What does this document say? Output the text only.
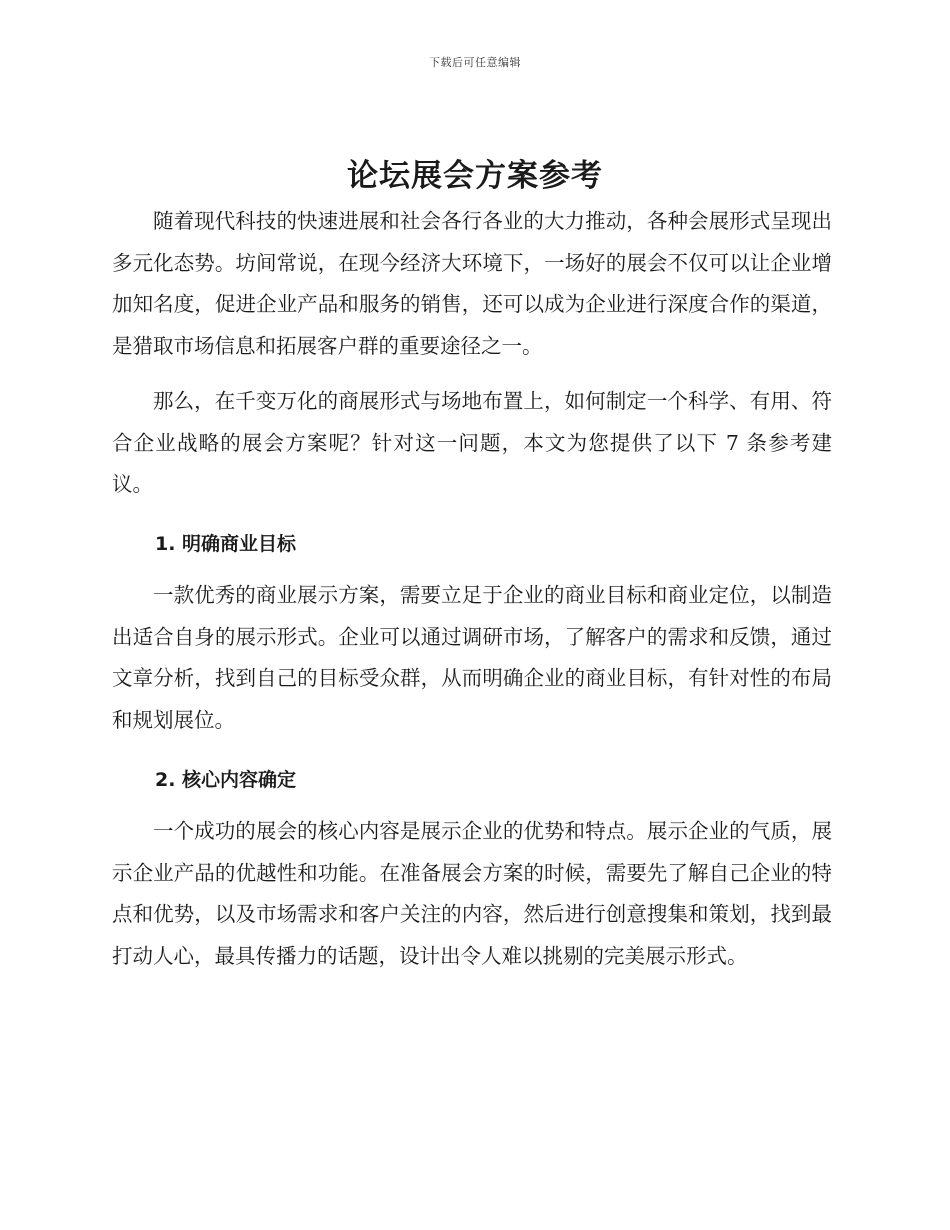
下载后可任意编辑
论坛展会方案参考

随着现代科技的快速进展和社会各行各业的大力推动，各种会展形式呈现出多元化态势。坊间常说，在现今经济大环境下，一场好的展会不仅可以让企业增加知名度，促进企业产品和服务的销售，还可以成为企业进行深度合作的渠道，是猎取市场信息和拓展客户群的重要途径之一。

那么，在千变万化的商展形式与场地布置上，如何制定一个科学、有用、符合企业战略的展会方案呢？针对这一问题，本文为您提供了以下 7 条参考建议。

1. 明确商业目标

一款优秀的商业展示方案，需要立足于企业的商业目标和商业定位，以制造出适合自身的展示形式。企业可以通过调研市场，了解客户的需求和反馈，通过文章分析，找到自己的目标受众群，从而明确企业的商业目标，有针对性的布局和规划展位。

2. 核心内容确定

一个成功的展会的核心内容是展示企业的优势和特点。展示企业的气质，展示企业产品的优越性和功能。在准备展会方案的时候，需要先了解自己企业的特点和优势，以及市场需求和客户关注的内容，然后进行创意搜集和策划，找到最打动人心，最具传播力的话题，设计出令人难以挑剔的完美展示形式。
